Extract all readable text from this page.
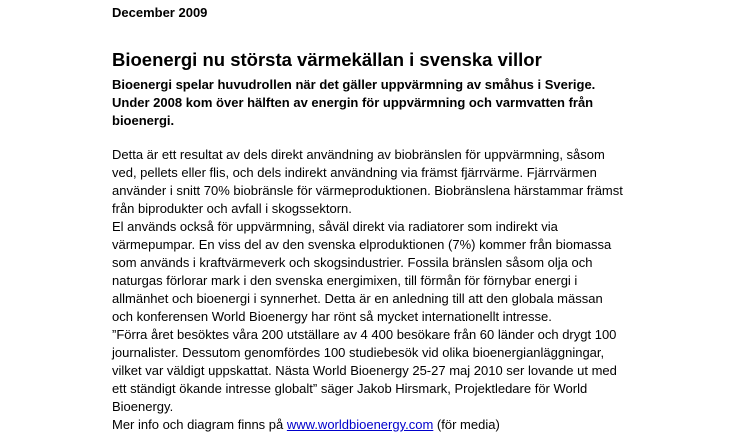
December 2009
Bioenergi nu största värmekällan i svenska villor
Bioenergi spelar huvudrollen när det gäller uppvärmning av småhus i Sverige.
Under 2008 kom över hälften av energin för uppvärmning och varmvatten från
bioenergi.
Detta är ett resultat av dels direkt användning av biobränslen för uppvärmning, såsom
ved, pellets eller flis, och dels indirekt användning via främst fjärrvärme. Fjärrvärmen
använder i snitt 70% biobränsle för värmeproduktionen. Biobränslena härstammar främst
från biprodukter och avfall i skogssektorn.
El används också för uppvärmning, såväl direkt via radiatorer som indirekt via
värmepumpar. En viss del av den svenska elproduktionen (7%) kommer från biomassa
som används i kraftvärmeverk och skogsindustrier. Fossila bränslen såsom olja och
naturgas förlorar mark i den svenska energimixen, till förmån för förnybar energi i
allmänhet och bioenergi i synnerhet. Detta är en anledning till att den globala mässan
och konferensen World Bioenergy har rönt så mycket internationellt intresse.
”Förra året besöktes våra 200 utställare av 4 400 besökare från 60 länder och drygt 100
journalister. Dessutom genomfördes 100 studiebesök vid olika bioenergianläggningar,
vilket var väldigt uppskattat. Nästa World Bioenergy 25-27 maj 2010 ser lovande ut med
ett ständigt ökande intresse globalt” säger Jakob Hirsmark, Projektledare för World
Bioenergy.
Mer info och diagram finns på www.worldbioenergy.com (för media)
